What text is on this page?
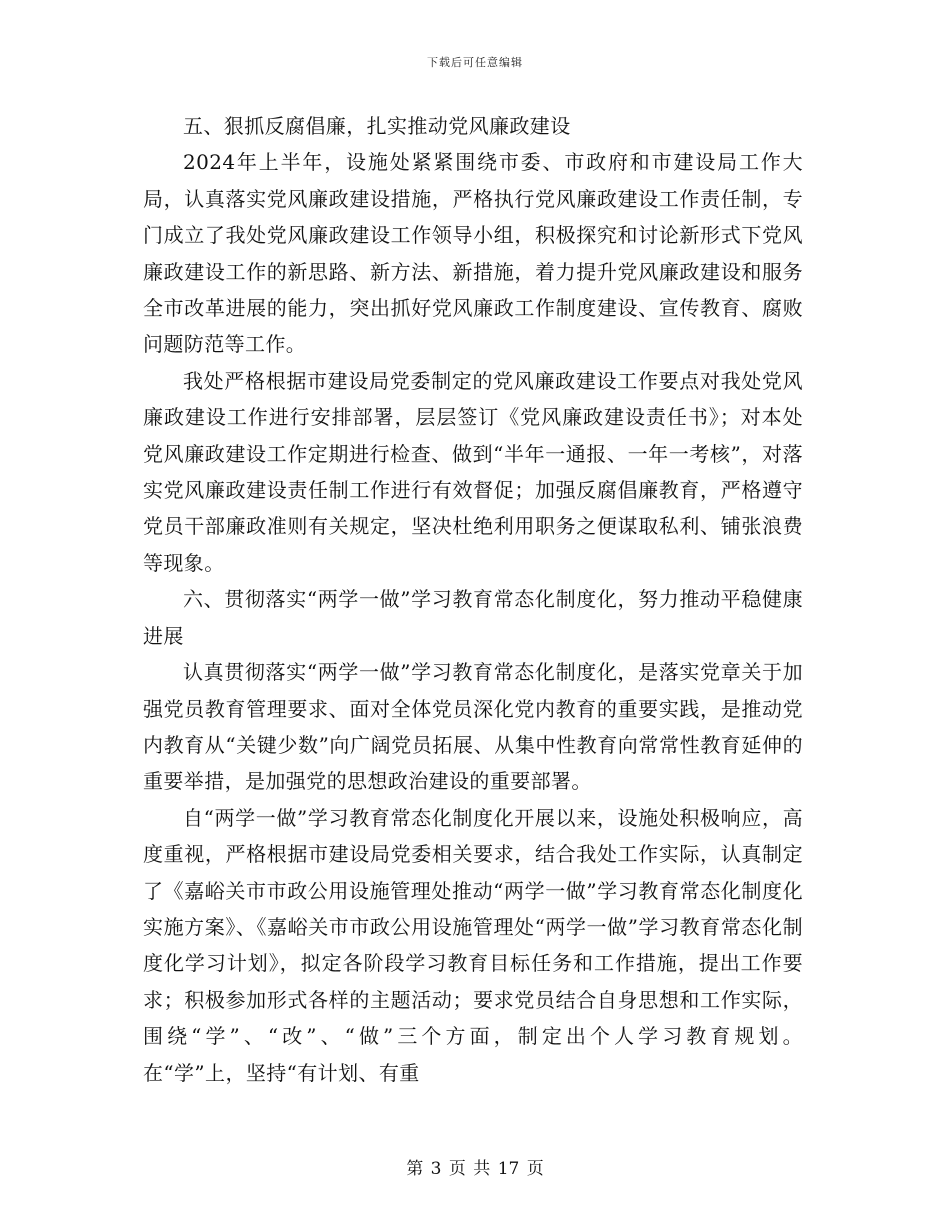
下载后可任意编辑

五、狠抓反腐倡廉，扎实推动党风廉政建设

2024年上半年，设施处紧紧围绕市委、市政府和市建设局工作大局，认真落实党风廉政建设措施，严格执行党风廉政建设工作责任制，专门成立了我处党风廉政建设工作领导小组，积极探究和讨论新形式下党风廉政建设工作的新思路、新方法、新措施，着力提升党风廉政建设和服务全市改革进展的能力，突出抓好党风廉政工作制度建设、宣传教育、腐败问题防范等工作。

我处严格根据市建设局党委制定的党风廉政建设工作要点对我处党风廉政建设工作进行安排部署，层层签订《党风廉政建设责任书》；对本处党风廉政建设工作定期进行检查、做到“半年一通报、一年一考核”，对落实党风廉政建设责任制工作进行有效督促；加强反腐倡廉教育，严格遵守党员干部廉政准则有关规定，坚决杜绝利用职务之便谋取私利、铺张浪费等现象。

六、贯彻落实“两学一做”学习教育常态化制度化，努力推动平稳健康进展

认真贯彻落实“两学一做”学习教育常态化制度化，是落实党章关于加强党员教育管理要求、面对全体党员深化党内教育的重要实践，是推动党内教育从“关键少数”向广阔党员拓展、从集中性教育向常常性教育延伸的重要举措，是加强党的思想政治建设的重要部署。

自“两学一做”学习教育常态化制度化开展以来，设施处积极响应，高度重视，严格根据市建设局党委相关要求，结合我处工作实际，认真制定了《嘉峪关市市政公用设施管理处推动“两学一做”学习教育常态化制度化实施方案》、《嘉峪关市市政公用设施管理处“两学一做”学习教育常态化制度化学习计划》，拟定各阶段学习教育目标任务和工作措施，提出工作要求；积极参加形式各样的主题活动；要求党员结合自身思想和工作实际，围绕“学”、“改”、“做”三个方面，制定出个人学习教育规划。 在“学”上，坚持“有计划、有重

第 3 页 共 17 页
